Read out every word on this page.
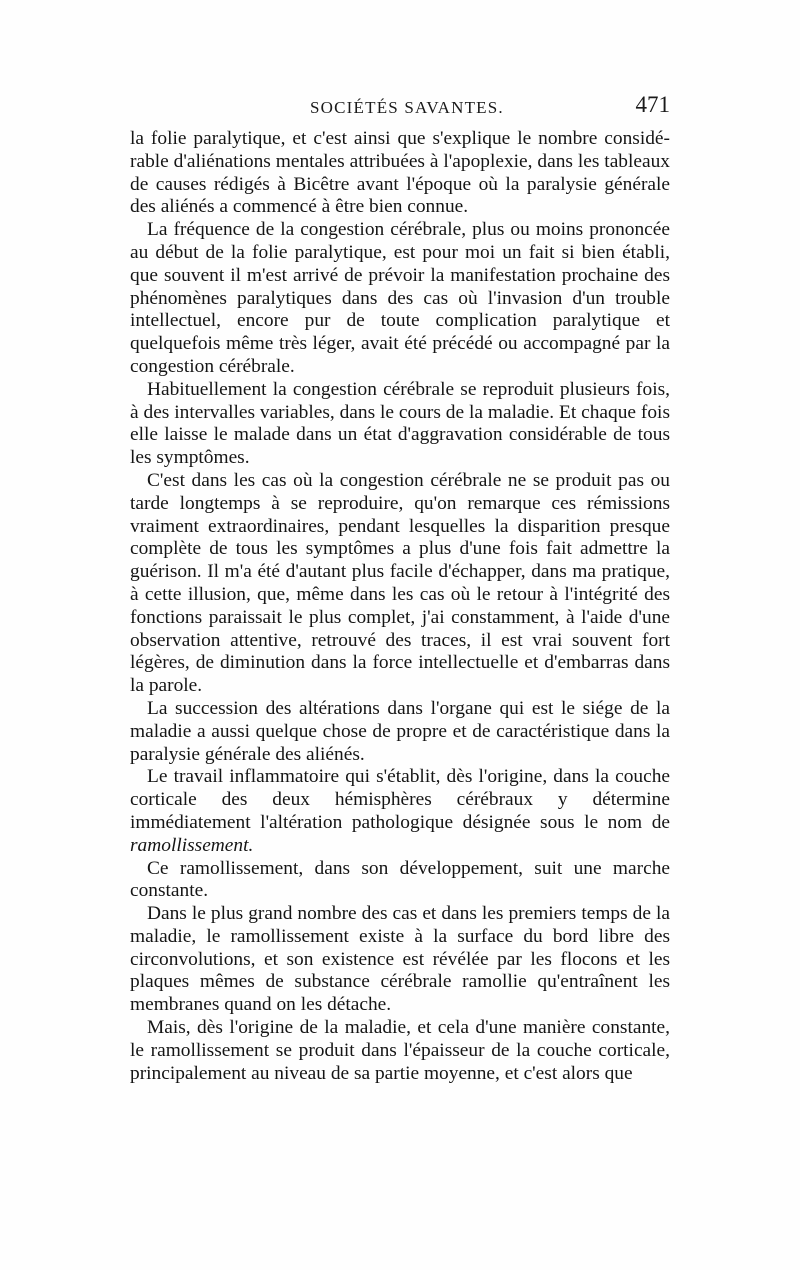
SOCIÉTÉS SAVANTES.	471

la folie paralytique, et c'est ainsi que s'explique le nombre considérable d'aliénations mentales attribuées à l'apoplexie, dans les tableaux de causes rédigés à Bicêtre avant l'époque où la paralysie générale des aliénés a commencé à être bien connue.

La fréquence de la congestion cérébrale, plus ou moins prononcée au début de la folie paralytique, est pour moi un fait si bien établi, que souvent il m'est arrivé de prévoir la manifestation prochaine des phénomènes paralytiques dans des cas où l'invasion d'un trouble intellectuel, encore pur de toute complication paralytique et quelquefois même très léger, avait été précédé ou accompagné par la congestion cérébrale.

Habituellement la congestion cérébrale se reproduit plusieurs fois, à des intervalles variables, dans le cours de la maladie. Et chaque fois elle laisse le malade dans un état d'aggravation considérable de tous les symptômes.

C'est dans les cas où la congestion cérébrale ne se produit pas ou tarde longtemps à se reproduire, qu'on remarque ces rémissions vraiment extraordinaires, pendant lesquelles la disparition presque complète de tous les symptômes a plus d'une fois fait admettre la guérison. Il m'a été d'autant plus facile d'échapper, dans ma pratique, à cette illusion, que, même dans les cas où le retour à l'intégrité des fonctions paraissait le plus complet, j'ai constamment, à l'aide d'une observation attentive, retrouvé des traces, il est vrai souvent fort légères, de diminution dans la force intellectuelle et d'embarras dans la parole.

La succession des altérations dans l'organe qui est le siége de la maladie a aussi quelque chose de propre et de caractéristique dans la paralysie générale des aliénés.

Le travail inflammatoire qui s'établit, dès l'origine, dans la couche corticale des deux hémisphères cérébraux y détermine immédiatement l'altération pathologique désignée sous le nom de ramollissement.

Ce ramollissement, dans son développement, suit une marche constante.

Dans le plus grand nombre des cas et dans les premiers temps de la maladie, le ramollissement existe à la surface du bord libre des circonvolutions, et son existence est révélée par les flocons et les plaques mêmes de substance cérébrale ramollie qu'entraînent les membranes quand on les détache.

Mais, dès l'origine de la maladie, et cela d'une manière constante, le ramollissement se produit dans l'épaisseur de la couche corticale, principalement au niveau de sa partie moyenne, et c'est alors que
